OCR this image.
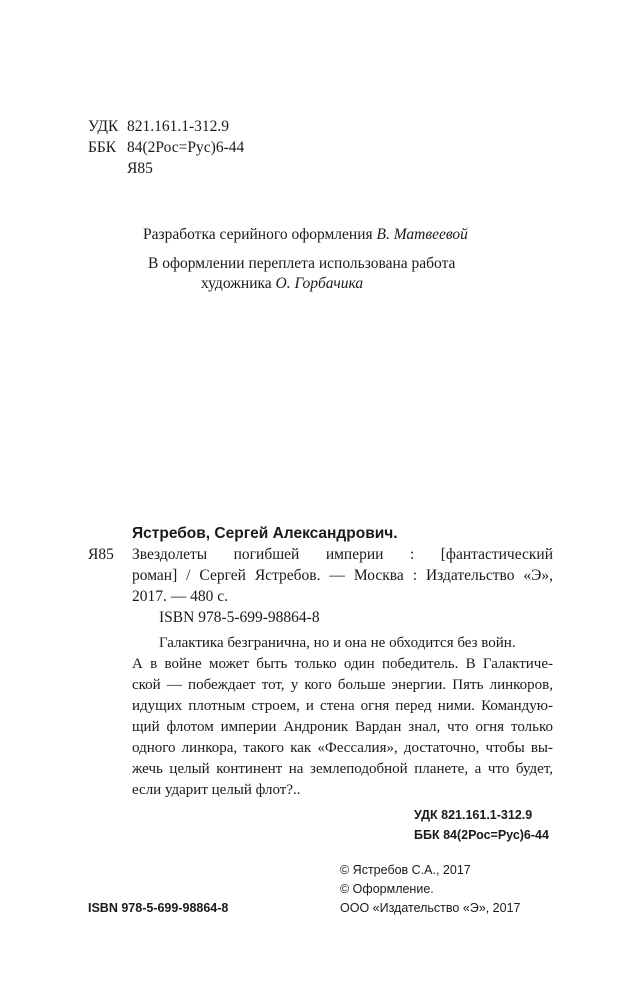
УДК 821.161.1-312.9
ББК 84(2Рос=Рус)6-44
Я85
Разработка серийного оформления В. Матвеевой
В оформлении переплета использована работа
художника О. Горбачика
Ястребов, Сергей Александрович.
Я85 Звездолеты погибшей империи : [фантастический
роман] / Сергей Ястребов. — Москва : Издательство «Э»,
2017. — 480 с.
ISBN 978-5-699-98864-8
Галактика безгранична, но и она не обходится без войн.
А в войне может быть только один победитель. В Галактиче-
ской — побеждает тот, у кого больше энергии. Пять линкоров,
идущих плотным строем, и стена огня перед ними. Командую-
щий флотом империи Андроник Вардан знал, что огня только
одного линкора, такого как «Фессалия», достаточно, чтобы вы-
жечь целый континент на землеподобной планете, а что будет,
если ударит целый флот?..
УДК 821.161.1-312.9
ББК 84(2Рос=Рус)6-44
© Ястребов С.А., 2017
© Оформление.
ISBN 978-5-699-98864-8	ООО «Издательство «Э», 2017
